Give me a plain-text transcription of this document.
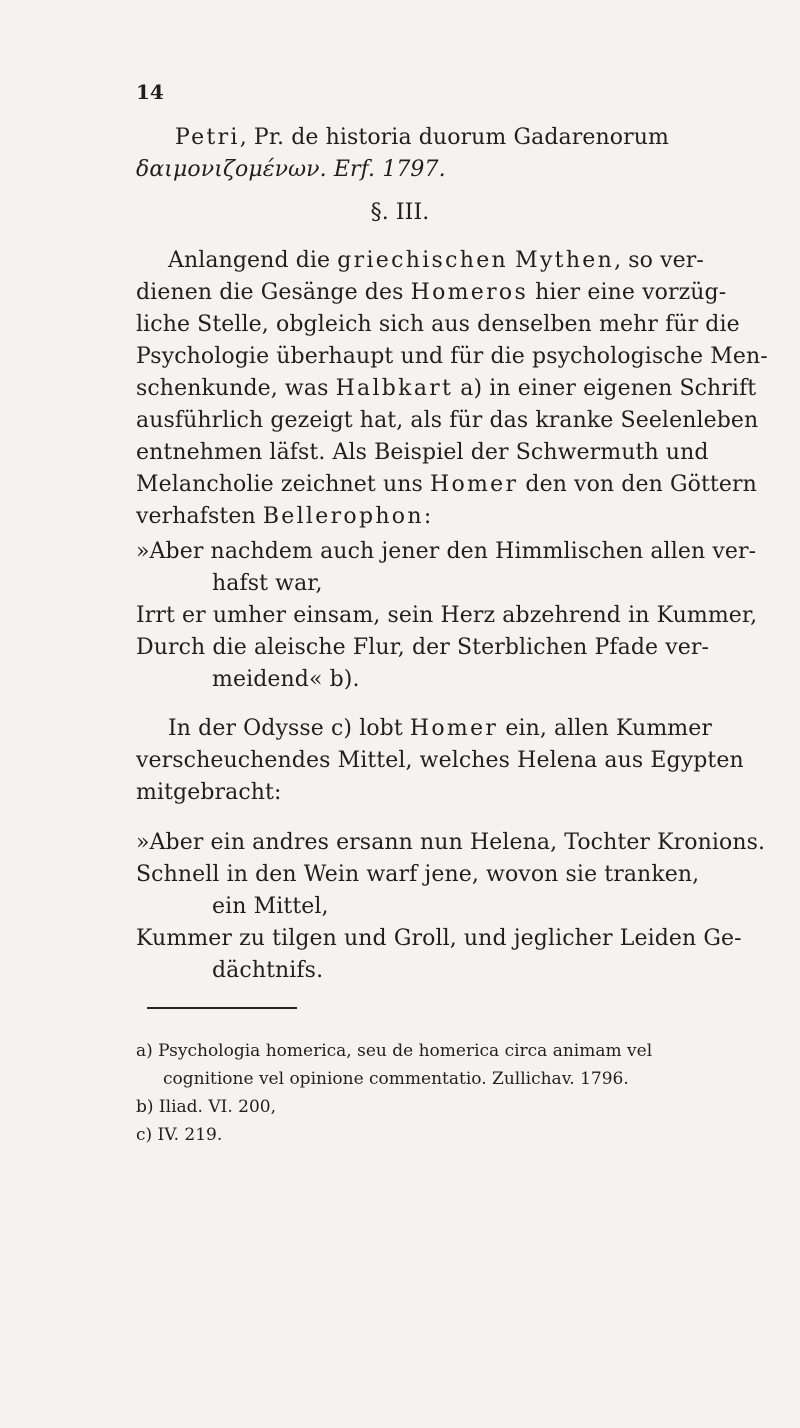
14
Petri, Pr. de historia duorum Gadarenorum
δαιμονιζομένων. Erf. 1797.
§. III.
Anlangend die griechischen Mythen, so ver-
dienen die Gesänge des Homeros hier eine vorzüg-
liche Stelle, obgleich sich aus denselben mehr für die
Psychologie überhaupt und für die psychologische Men-
schenkunde, was Halbkart a) in einer eigenen Schrift
ausführlich gezeigt hat, als für das kranke Seelenleben
entnehmen läfst. Als Beispiel der Schwermuth und
Melancholie zeichnet uns Homer den von den Göttern
verhafsten Bellerophon:
»Aber nachdem auch jener den Himmlischen allen ver-
hafst war,
Irrt er umher einsam, sein Herz abzehrend in Kummer,
Durch die aleische Flur, der Sterblichen Pfade ver-
meidend« b).
In der Odysse c) lobt Homer ein, allen Kummer
verscheuchendes Mittel, welches Helena aus Egypten
mitgebracht:
»Aber ein andres ersann nun Helena, Tochter Kronions.
Schnell in den Wein warf jene, wovon sie tranken,
ein Mittel,
Kummer zu tilgen und Groll, und jeglicher Leiden Ge-
dächtnifs.
a) Psychologia homerica, seu de homerica circa animam vel
cognitione vel opinione commentatio. Zullichav. 1796.
b) Iliad. VI. 200,
c) IV. 219.
